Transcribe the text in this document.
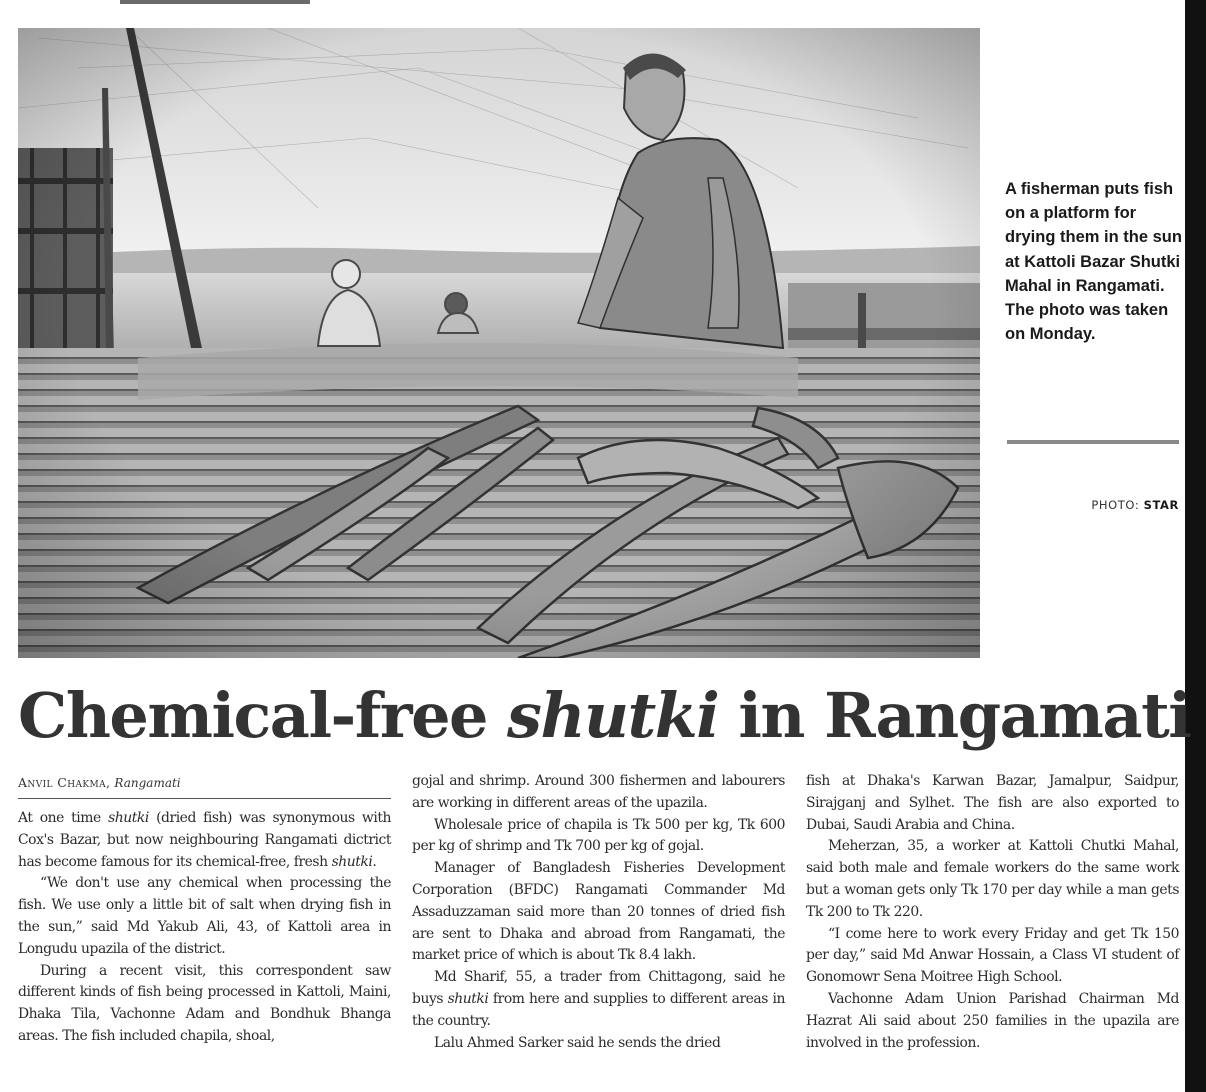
A fisherman puts fish on a platform for drying them in the sun at Kattoli Bazar Shutki Mahal in Rangamati. The photo was taken on Monday.
PHOTO: STAR
Chemical-free shutki in Rangamati
Anvil Chakma, Rangamati

At one time shutki (dried fish) was synonymous with Cox's Bazar, but now neighbouring Rangamati dictrict has become famous for its chemical-free, fresh shutki.

“We don't use any chemical when processing the fish. We use only a little bit of salt when drying fish in the sun,” said Md Yakub Ali, 43, of Kattoli area in Longudu upazila of the district.

During a recent visit, this correspondent saw different kinds of fish being processed in Kattoli, Maini, Dhaka Tila, Vachonne Adam and Bondhuk Bhanga areas. The fish included chapila, shoal,

gojal and shrimp. Around 300 fishermen and labourers are working in different areas of the upazila.

Wholesale price of chapila is Tk 500 per kg, Tk 600 per kg of shrimp and Tk 700 per kg of gojal.

Manager of Bangladesh Fisheries Development Corporation (BFDC) Rangamati Commander Md Assaduzzaman said more than 20 tonnes of dried fish are sent to Dhaka and abroad from Rangamati, the market price of which is about Tk 8.4 lakh.

Md Sharif, 55, a trader from Chittagong, said he buys shutki from here and supplies to different areas in the country.

Lalu Ahmed Sarker said he sends the dried

fish at Dhaka's Karwan Bazar, Jamalpur, Saidpur, Sirajganj and Sylhet. The fish are also exported to Dubai, Saudi Arabia and China.

Meherzan, 35, a worker at Kattoli Chutki Mahal, said both male and female workers do the same work but a woman gets only Tk 170 per day while a man gets Tk 200 to Tk 220.

“I come here to work every Friday and get Tk 150 per day,” said Md Anwar Hossain, a Class VI student of Gonomowr Sena Moitree High School.

Vachonne Adam Union Parishad Chairman Md Hazrat Ali said about 250 families in the upazila are involved in the profession.
